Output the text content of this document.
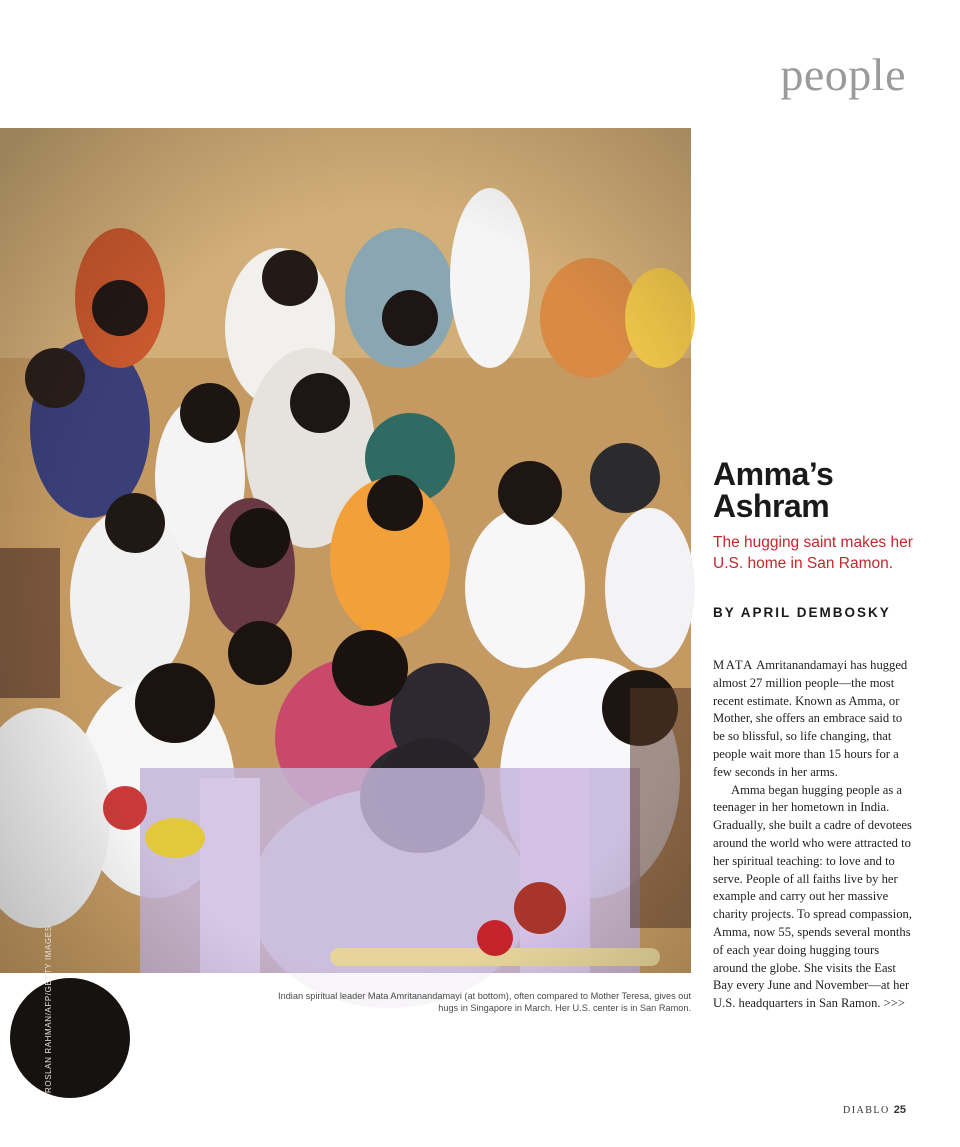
people
ROSLAN RAHMAN/AFP/GETTY IMAGES	Indian spiritual leader Mata Amritanandamayi (at bottom), often compared to Mother Teresa, gives out hugs in Singapore in March. Her U.S. center is in San Ramon.
Amma’s
Ashram
The hugging saint makes her U.S. home in San Ramon.
BY APRIL DEMBOSKY

MATA Amritanandamayi has hugged almost 27 million people—the most recent estimate. Known as Amma, or Mother, she offers an embrace said to be so blissful, so life changing, that people wait more than 15 hours for a few seconds in her arms.

Amma began hugging people as a teenager in her hometown in India. Gradually, she built a cadre of devotees around the world who were attracted to her spiritual teaching: to love and to serve. People of all faiths live by her example and carry out her massive charity projects. To spread compassion, Amma, now 55, spends several months of each year doing hugging tours around the globe. She visits the East Bay every June and November—at her U.S. headquarters in San Ramon. >>>

DIABLO 25
